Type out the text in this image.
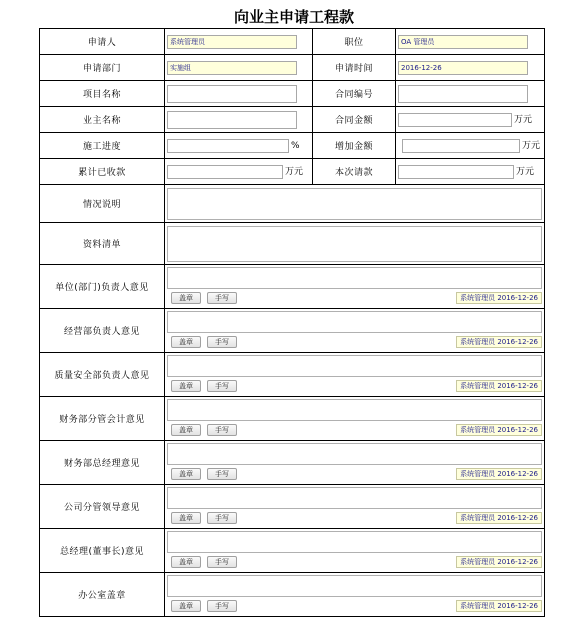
向业主申请工程款
申请人	系统管理员	职位	OA 管理员

申请部门	实施组	申请时间	2016-12-26

项目名称		合同编号	

业主名称		合同金额	万元

施工进度	%	增加金额	万元

累计已收款	万元	本次请款	万元

情况说明			

资料清单			

单位(部门)负责人意见	盖章 手写 系统管理员 2016-12-26		

经营部负责人意见	盖章 手写 系统管理员 2016-12-26		

质量安全部负责人意见	盖章 手写 系统管理员 2016-12-26		

财务部分管会计意见	盖章 手写 系统管理员 2016-12-26		

财务部总经理意见	盖章 手写 系统管理员 2016-12-26		

公司分管领导意见	盖章 手写 系统管理员 2016-12-26		

总经理(董事长)意见	盖章 手写 系统管理员 2016-12-26		

办公室盖章	盖章 手写 系统管理员 2016-12-26		
